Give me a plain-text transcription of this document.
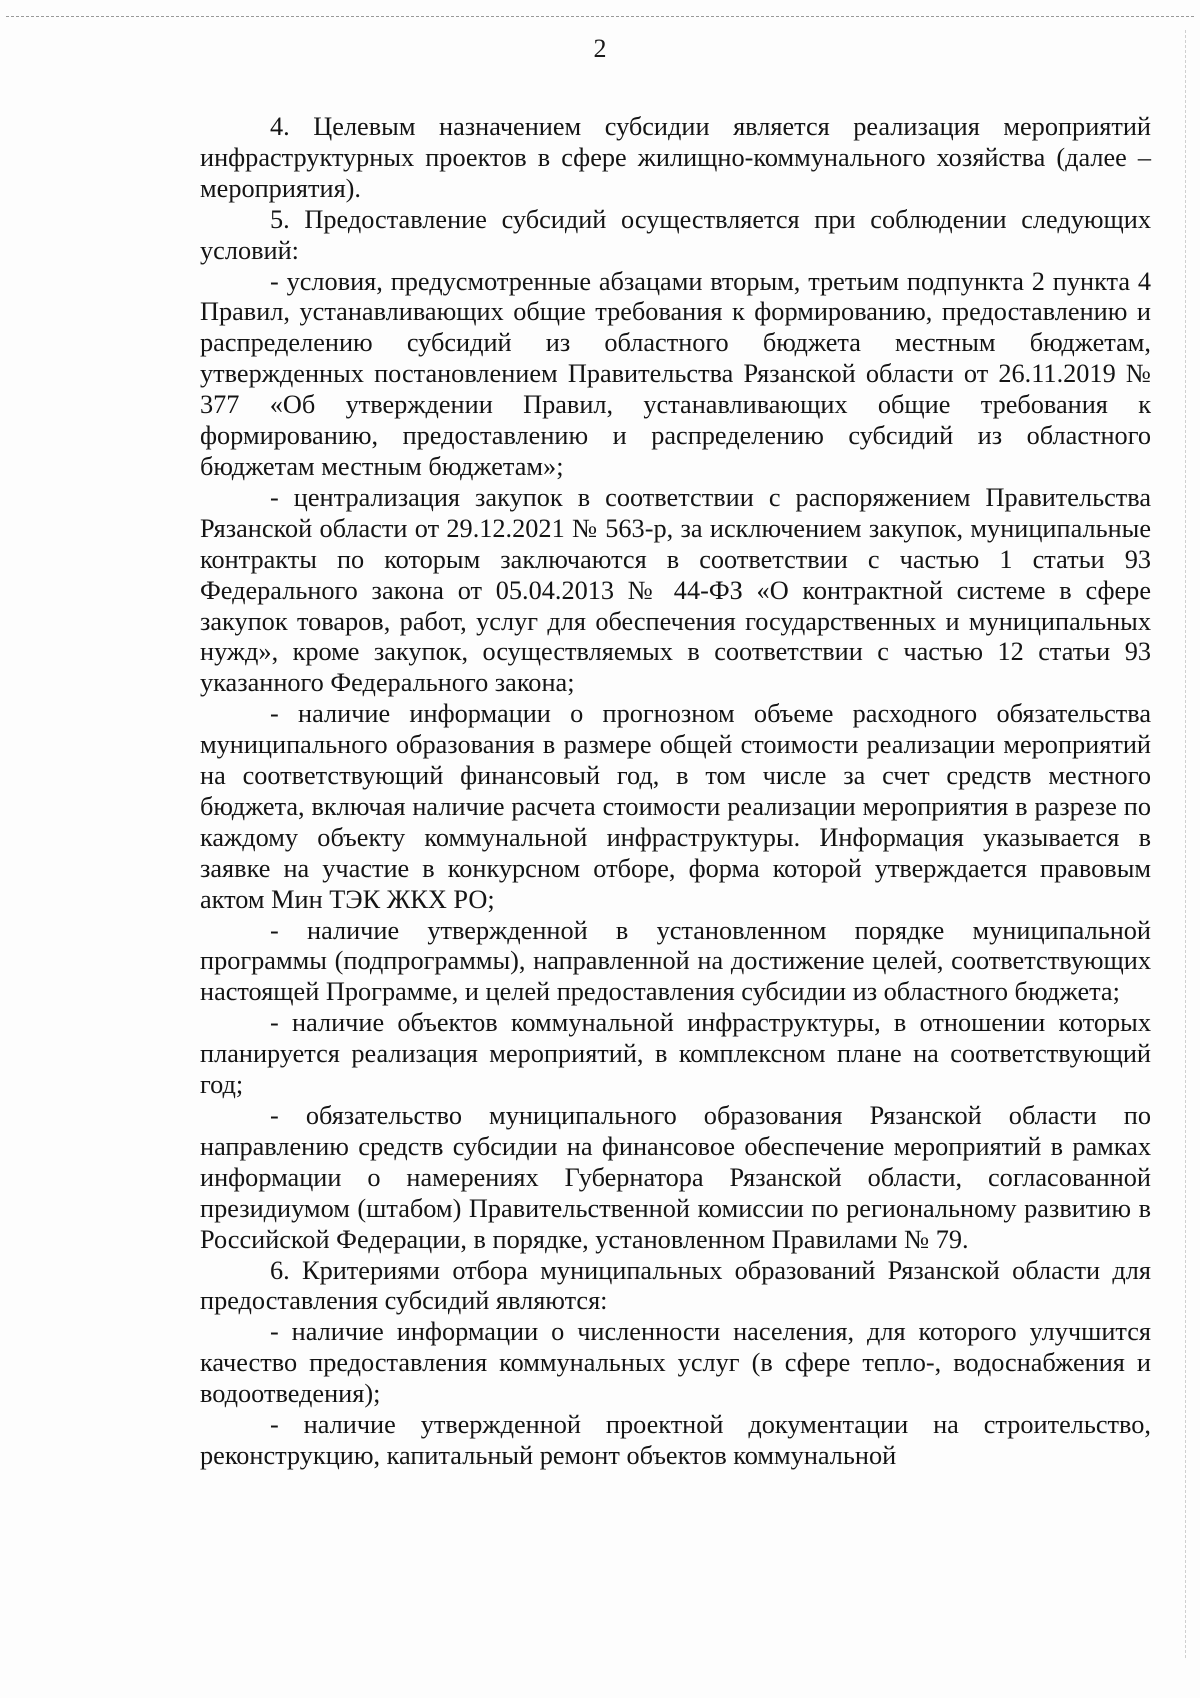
2

4. Целевым назначением субсидии является реализация мероприятий инфраструктурных проектов в сфере жилищно-коммунального хозяйства (далее – мероприятия).

5. Предоставление субсидий осуществляется при соблюдении следующих условий:

- условия, предусмотренные абзацами вторым, третьим подпункта 2 пункта 4 Правил, устанавливающих общие требования к формированию, предоставлению и распределению субсидий из областного бюджета местным бюджетам, утвержденных постановлением Правительства Рязанской области от 26.11.2019 № 377 «Об утверждении Правил, устанавливающих общие требования к формированию, предоставлению и распределению субсидий из областного бюджетам местным бюджетам»;

- централизация закупок в соответствии с распоряжением Правительства Рязанской области от 29.12.2021 № 563-р, за исключением закупок, муниципальные контракты по которым заключаются в соответствии с частью 1 статьи 93 Федерального закона от 05.04.2013 № 44-ФЗ «О контрактной системе в сфере закупок товаров, работ, услуг для обеспечения государственных и муниципальных нужд», кроме закупок, осуществляемых в соответствии с частью 12 статьи 93 указанного Федерального закона;

- наличие информации о прогнозном объеме расходного обязательства муниципального образования в размере общей стоимости реализации мероприятий на соответствующий финансовый год, в том числе за счет средств местного бюджета, включая наличие расчета стоимости реализации мероприятия в разрезе по каждому объекту коммунальной инфраструктуры. Информация указывается в заявке на участие в конкурсном отборе, форма которой утверждается правовым актом Мин ТЭК ЖКХ РО;

- наличие утвержденной в установленном порядке муниципальной программы (подпрограммы), направленной на достижение целей, соответствующих настоящей Программе, и целей предоставления субсидии из областного бюджета;

- наличие объектов коммунальной инфраструктуры, в отношении которых планируется реализация мероприятий, в комплексном плане на соответствующий год;

- обязательство муниципального образования Рязанской области по направлению средств субсидии на финансовое обеспечение мероприятий в рамках информации о намерениях Губернатора Рязанской области, согласованной президиумом (штабом) Правительственной комиссии по региональному развитию в Российской Федерации, в порядке, установленном Правилами № 79.

6. Критериями отбора муниципальных образований Рязанской области для предоставления субсидий являются:

- наличие информации о численности населения, для которого улучшится качество предоставления коммунальных услуг (в сфере тепло-, водоснабжения и водоотведения);

- наличие утвержденной проектной документации на строительство, реконструкцию, капитальный ремонт объектов коммунальной
